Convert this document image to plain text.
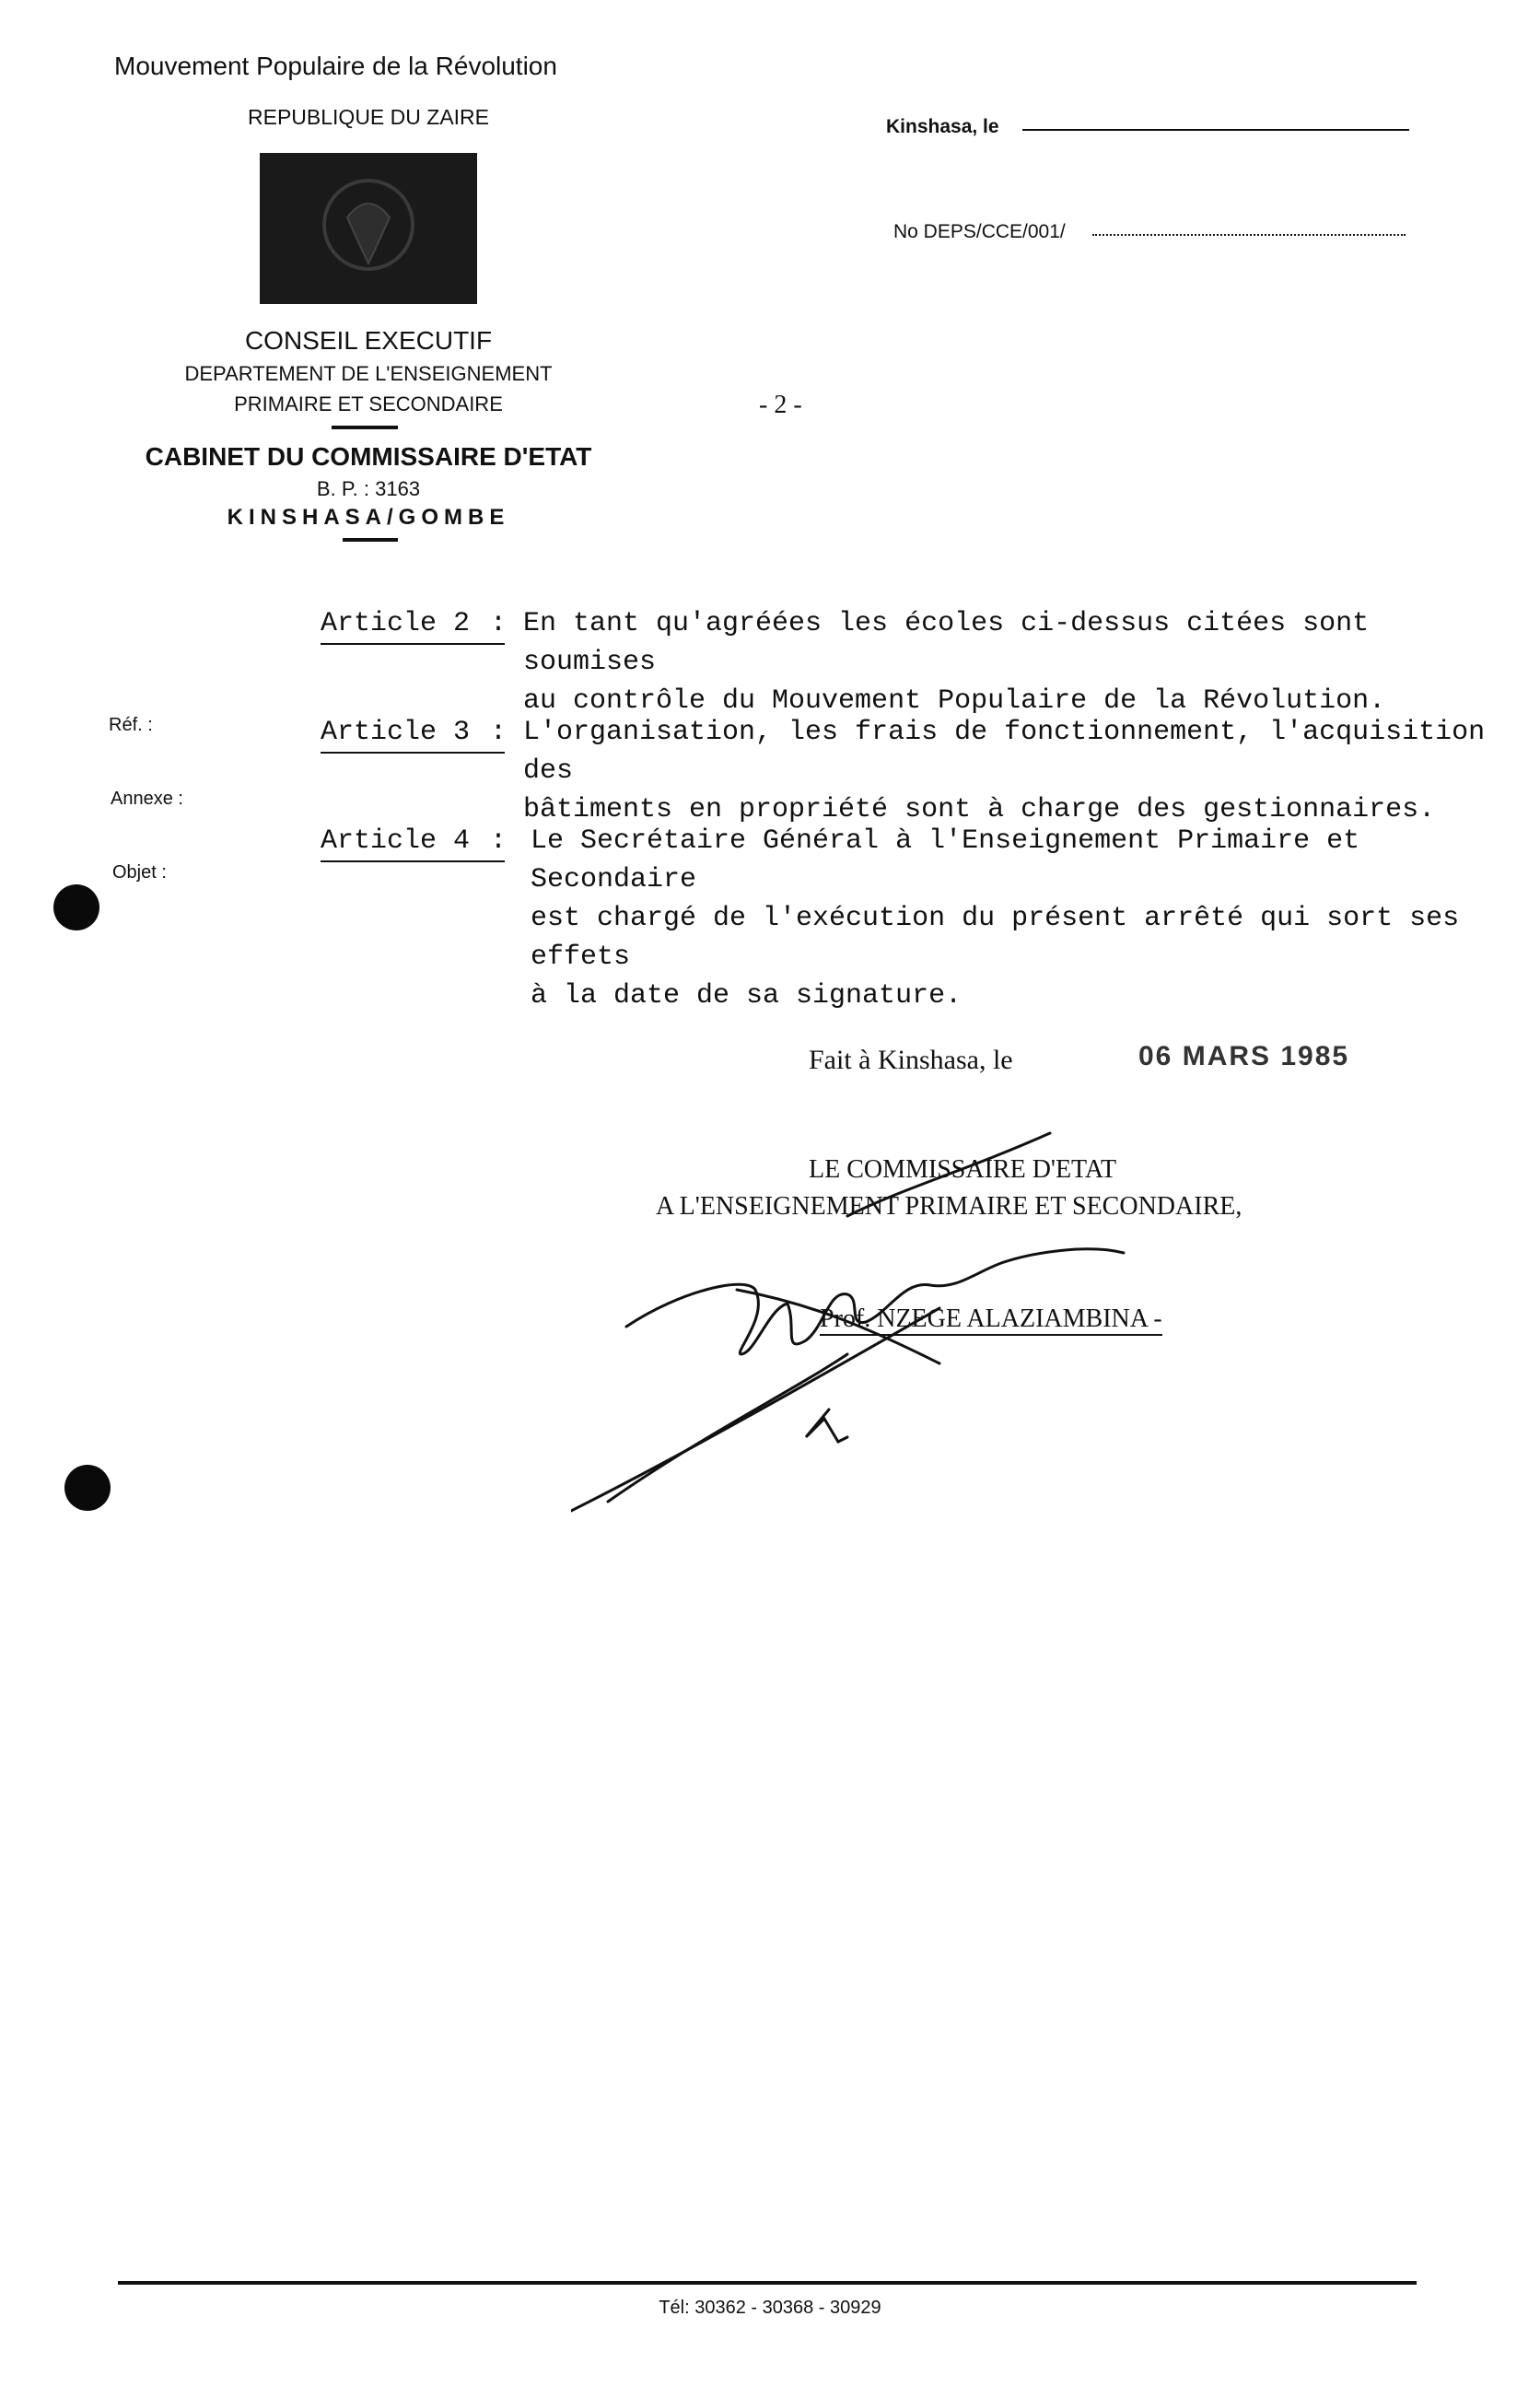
Mouvement Populaire de la Révolution
REPUBLIQUE DU ZAIRE
CONSEIL EXECUTIF
DEPARTEMENT DE L'ENSEIGNEMENT
PRIMAIRE ET SECONDAIRE
CABINET DU COMMISSAIRE D'ETAT
B. P. : 3163
KINSHASA/GOMBE
Kinshasa, le
No DEPS/CCE/001/
- 2 -
Réf. :
Annexe :
Objet :
Article 2 : En tant qu'agréées les écoles ci-dessus citées sont soumises
au contrôle du Mouvement Populaire de la Révolution.
Article 3 : L'organisation, les frais de fonctionnement, l'acquisition des
bâtiments en propriété sont à charge des gestionnaires.
Article 4 : Le Secrétaire Général à l'Enseignement Primaire et Secondaire
est chargé de l'exécution du présent arrêté qui sort ses effets
à la date de sa signature.
Fait à Kinshasa, le	06 MARS 1985
LE COMMISSAIRE D'ETAT
A L'ENSEIGNEMENT PRIMAIRE ET SECONDAIRE,
Prof. NZEGE ALAZIAMBINA -
Tél: 30362 - 30368 - 30929
